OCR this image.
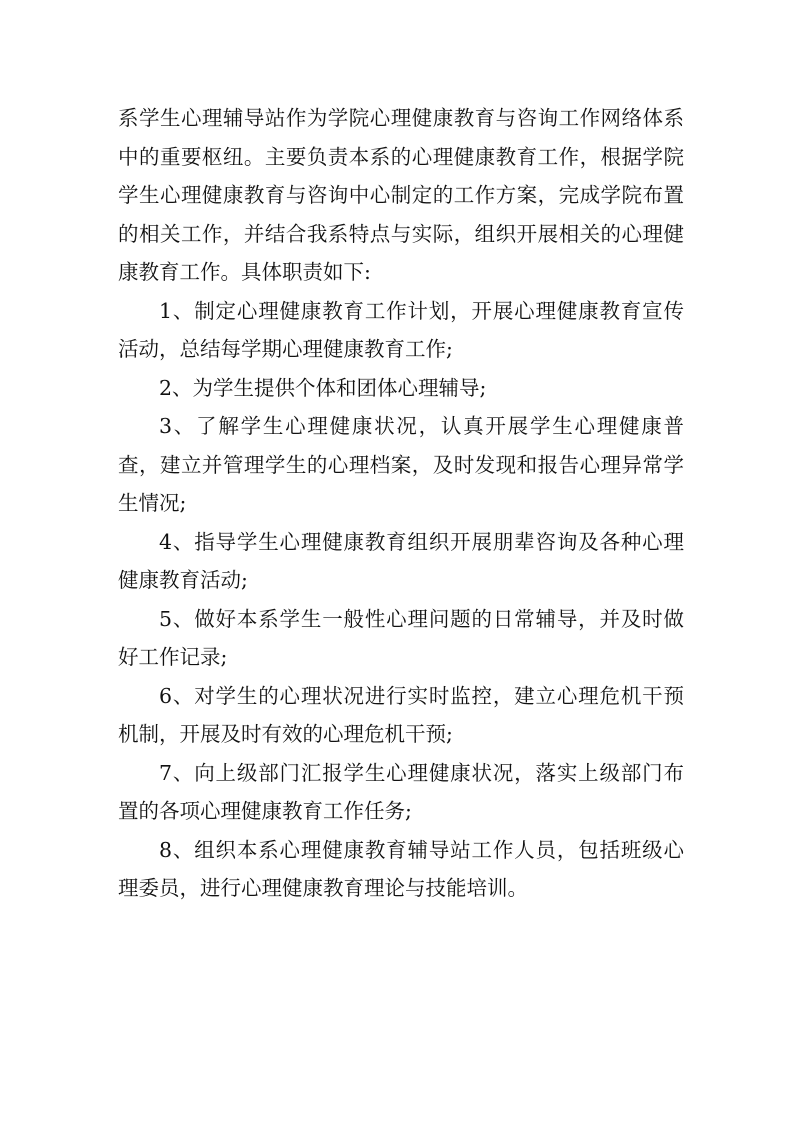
系学生心理辅导站作为学院心理健康教育与咨询工作网络体系中的重要枢纽。主要负责本系的心理健康教育工作，根据学院学生心理健康教育与咨询中心制定的工作方案，完成学院布置的相关工作，并结合我系特点与实际，组织开展相关的心理健康教育工作。具体职责如下:

1、制定心理健康教育工作计划，开展心理健康教育宣传活动，总结每学期心理健康教育工作;

2、为学生提供个体和团体心理辅导;

3、了解学生心理健康状况，认真开展学生心理健康普查，建立并管理学生的心理档案，及时发现和报告心理异常学生情况;

4、指导学生心理健康教育组织开展朋辈咨询及各种心理健康教育活动;

5、做好本系学生一般性心理问题的日常辅导，并及时做好工作记录;

6、对学生的心理状况进行实时监控，建立心理危机干预机制，开展及时有效的心理危机干预;

7、向上级部门汇报学生心理健康状况，落实上级部门布置的各项心理健康教育工作任务;

8、组织本系心理健康教育辅导站工作人员，包括班级心理委员，进行心理健康教育理论与技能培训。
